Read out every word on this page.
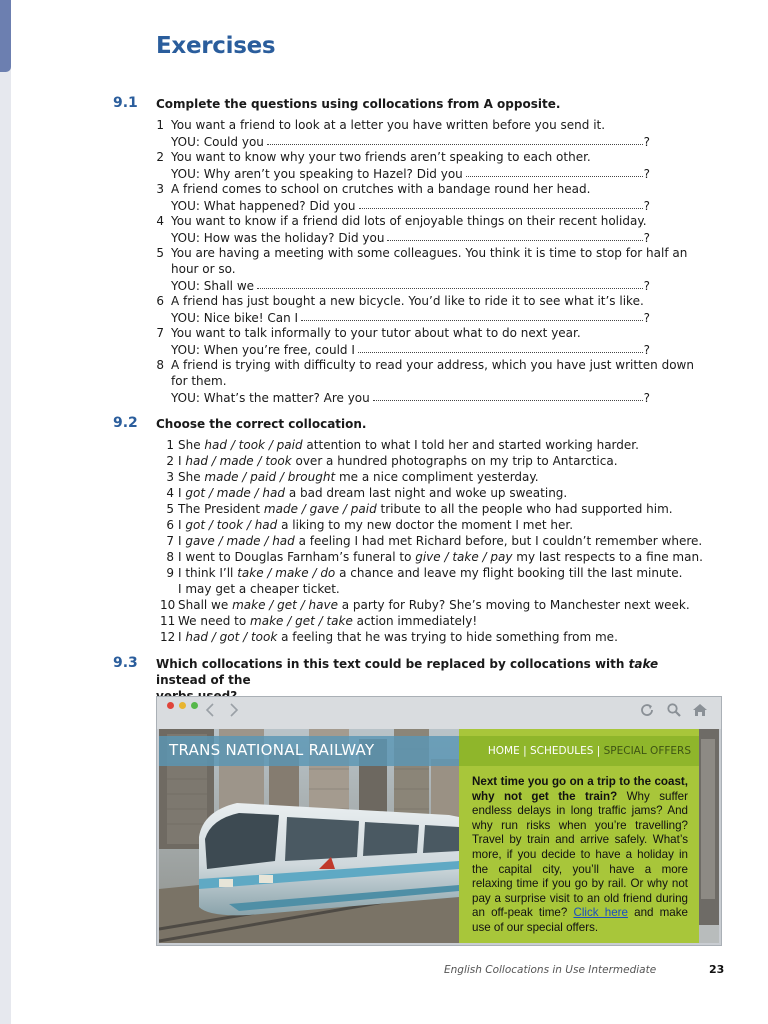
Exercises
9.1 Complete the questions using collocations from A opposite.
1 You want a friend to look at a letter you have written before you send it.
YOU: Could you	?
2 You want to know why your two friends aren’t speaking to each other.
YOU: Why aren’t you speaking to Hazel? Did you	?
3 A friend comes to school on crutches with a bandage round her head.
YOU: What happened? Did you	?
4 You want to know if a friend did lots of enjoyable things on their recent holiday.
YOU: How was the holiday? Did you	?
5 You are having a meeting with some colleagues. You think it is time to stop for half an
hour or so.
YOU: Shall we	?
6 A friend has just bought a new bicycle. You’d like to ride it to see what it’s like.
YOU: Nice bike! Can I	?
7 You want to talk informally to your tutor about what to do next year.
YOU: When you’re free, could I	?
8 A friend is trying with difficulty to read your address, which you have just written down
for them.
YOU: What’s the matter? Are you	?
9.2 Choose the correct collocation.
1 She had / took / paid attention to what I told her and started working harder.
2 I had / made / took over a hundred photographs on my trip to Antarctica.
3 She made / paid / brought me a nice compliment yesterday.
4 I got / made / had a bad dream last night and woke up sweating.
5 The President made / gave / paid tribute to all the people who had supported him.
6 I got / took / had a liking to my new doctor the moment I met her.
7 I gave / made / had a feeling I had met Richard before, but I couldn’t remember where.
8 I went to Douglas Farnham’s funeral to give / take / pay my last respects to a fine man.
9 I think I’ll take / make / do a chance and leave my flight booking till the last minute.
I may get a cheaper ticket.
10 Shall we make / get / have a party for Ruby? She’s moving to Manchester next week.
11 We need to make / get / take action immediately!
12 I had / got / took a feeling that he was trying to hide something from me.
9.3 Which collocations in this text could be replaced by collocations with take instead of the

TRANS NATIONAL RAILWAY	HOME | SCHEDULES | SPECIAL OFFERS
Next time you go on a trip to the coast, why not get the train? Why suffer endless delays in long traffic jams? And why run risks when you’re travelling? Travel by train and arrive safely. What’s more, if you decide to have a holiday in the capital city, you’ll have a more relaxing time if you go by rail. Or why not pay a surprise visit to an old friend during an off-peak time? Click here and make use of our special offers.
English Collocations in Use Intermediate	23
